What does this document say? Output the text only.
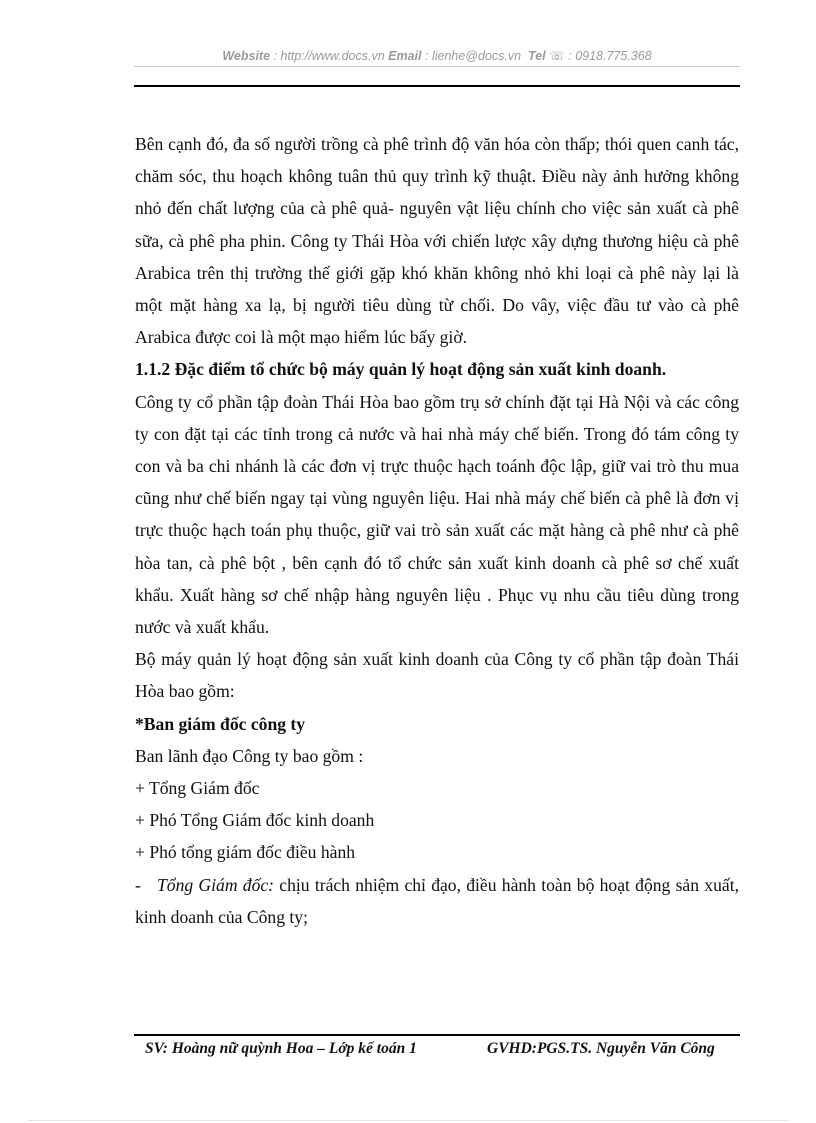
Website : http://www.docs.vn Email : lienhe@docs.vn Tel ☏ : 0918.775.368

Bên cạnh đó, đa số người trồng cà phê trình độ văn hóa còn thấp; thói quen canh tác, chăm sóc, thu hoạch không tuân thủ quy trình kỹ thuật. Điều này ảnh hưởng không nhỏ đến chất lượng của cà phê quả- nguyên vật liệu chính cho việc sản xuất cà phê sữa, cà phê pha phin. Công ty Thái Hòa với chiến lược xây dựng thương hiệu cà phê Arabica trên thị trường thế giới gặp khó khăn không nhỏ khi loại cà phê này lại là một mặt hàng xa lạ, bị người tiêu dùng từ chối. Do vây, việc đầu tư vào cà phê Arabica được coi là một mạo hiểm lúc bấy giờ.

1.1.2 Đặc điểm tổ chức bộ máy quản lý hoạt động sản xuất kinh doanh.

Công ty cổ phần tập đoàn Thái Hòa bao gồm trụ sở chính đặt tại Hà Nội và các công ty con đặt tại các tỉnh trong cả nước và hai nhà máy chế biến. Trong đó tám công ty con và ba chi nhánh là các đơn vị trực thuộc hạch toánh độc lập, giữ vai trò thu mua cũng như chế biến ngay tại vùng nguyên liệu. Hai nhà máy chế biến cà phê là đơn vị trực thuộc hạch toán phụ thuộc, giữ vai trò sản xuất các mặt hàng cà phê như cà phê hòa tan, cà phê bột , bên cạnh đó tổ chức sản xuất kinh doanh cà phê sơ chế xuất khẩu. Xuất hàng sơ chế nhập hàng nguyên liệu . Phục vụ nhu cầu tiêu dùng trong nước và xuất khẩu.

Bộ máy quản lý hoạt động sản xuất kinh doanh của Công ty cổ phần tập đoàn Thái Hòa bao gồm:

*Ban giám đốc công ty

Ban lãnh đạo Công ty bao gồm :

+ Tổng Giám đốc

+ Phó Tổng Giám đốc kinh doanh

+ Phó tổng giám đốc điều hành

- Tổng Giám đốc: chịu trách nhiệm chỉ đạo, điều hành toàn bộ hoạt động sản xuất, kinh doanh của Công ty;

SV: Hoàng nữ quỳnh Hoa – Lớp kế toán 1	GVHD:PGS.TS. Nguyễn Văn Công
